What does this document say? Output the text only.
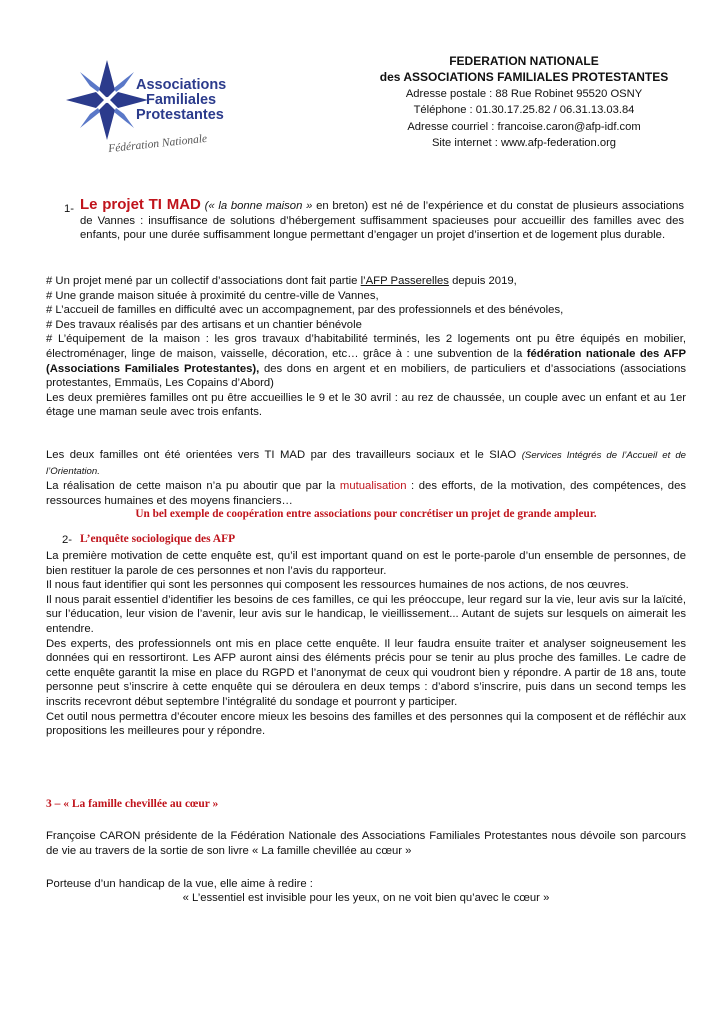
Associations
Familiales
Protestantes
Fédération Nationale
FEDERATION NATIONALE
des ASSOCIATIONS FAMILIALES PROTESTANTES
Adresse postale : 88 Rue Robinet 95520 OSNY
Téléphone : 01.30.17.25.82 / 06.31.13.03.84
Adresse courriel : francoise.caron@afp-idf.com
Site internet : www.afp-federation.org
1- Le projet TI MAD (« la bonne maison » en breton) est né de l’expérience et du constat de plusieurs associations de Vannes : insuffisance de solutions d’hébergement suffisamment spacieuses pour accueillir des familles avec des enfants, pour une durée suffisamment longue permettant d’engager un projet d’insertion et de logement plus durable.

# Un projet mené par un collectif d’associations dont fait partie l’AFP Passerelles depuis 2019,

# Une grande maison située à proximité du centre-ville de Vannes,

# L’accueil de familles en difficulté avec un accompagnement, par des professionnels et des bénévoles,

# Des travaux réalisés par des artisans et un chantier bénévole

# L’équipement de la maison : les gros travaux d’habitabilité terminés, les 2 logements ont pu être équipés en mobilier, électroménager, linge de maison, vaisselle, décoration, etc… grâce à : une subvention de la fédération nationale des AFP (Associations Familiales Protestantes), des dons en argent et en mobiliers, de particuliers et d’associations (associations protestantes, Emmaüs, Les Copains d’Abord)

Les deux premières familles ont pu être accueillies le 9 et le 30 avril : au rez de chaussée, un couple avec un enfant et au 1er étage une maman seule avec trois enfants.

Les deux familles ont été orientées vers TI MAD par des travailleurs sociaux et le SIAO (Services Intégrés de l’Accueil et de l’Orientation.

La réalisation de cette maison n’a pu aboutir que par la mutualisation : des efforts, de la motivation, des compétences, des ressources humaines et des moyens financiers…

Un bel exemple de coopération entre associations pour concrétiser un projet de grande ampleur.
2- L’enquête sociologique des AFP

La première motivation de cette enquête est, qu’il est important quand on est le porte-parole d’un ensemble de personnes, de bien restituer la parole de ces personnes et non l’avis du rapporteur.

Il nous faut identifier qui sont les personnes qui composent les ressources humaines de nos actions, de nos œuvres.

Il nous parait essentiel d’identifier les besoins de ces familles, ce qui les préoccupe, leur regard sur la vie, leur avis sur la laïcité, sur l’éducation, leur vision de l’avenir, leur avis sur le handicap, le vieillissement... Autant de sujets sur lesquels on aimerait les entendre.

Des experts, des professionnels ont mis en place cette enquête. Il leur faudra ensuite traiter et analyser soigneusement les données qui en ressortiront. Les AFP auront ainsi des éléments précis pour se tenir au plus proche des familles. Le cadre de cette enquête garantit la mise en place du RGPD et l’anonymat de ceux qui voudront bien y répondre. A partir de 18 ans, toute personne peut s’inscrire à cette enquête qui se déroulera en deux temps : d’abord s’inscrire, puis dans un second temps les inscrits recevront début septembre l’intégralité du sondage et pourront y participer.

Cet outil nous permettra d’écouter encore mieux les besoins des familles et des personnes qui la composent et de réfléchir aux propositions les meilleures pour y répondre.

3 – « La famille chevillée au cœur »
Françoise CARON présidente de la Fédération Nationale des Associations Familiales Protestantes nous dévoile son parcours de vie au travers de la sortie de son livre « La famille chevillée au cœur »
Porteuse d’un handicap de la vue, elle aime à redire :
« L’essentiel est invisible pour les yeux, on ne voit bien qu’avec le cœur »
